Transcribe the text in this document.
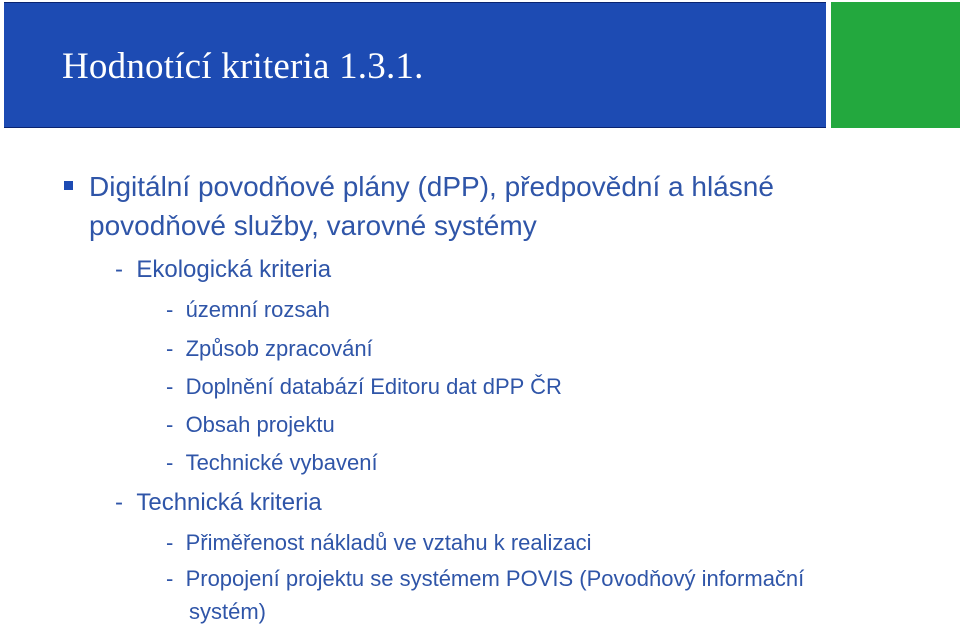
Hodnotící kriteria 1.3.1.
Digitální povodňové plány (dPP), předpovědní a hlásné
povodňové služby, varovné systémy
- Ekologická kriteria
- územní rozsah
- Způsob zpracování
- Doplnění databází Editoru dat dPP ČR
- Obsah projektu
- Technické vybavení
- Technická kriteria
- Přiměřenost nákladů ve vztahu k realizaci
- Propojení projektu se systémem POVIS (Povodňový informační
systém)
